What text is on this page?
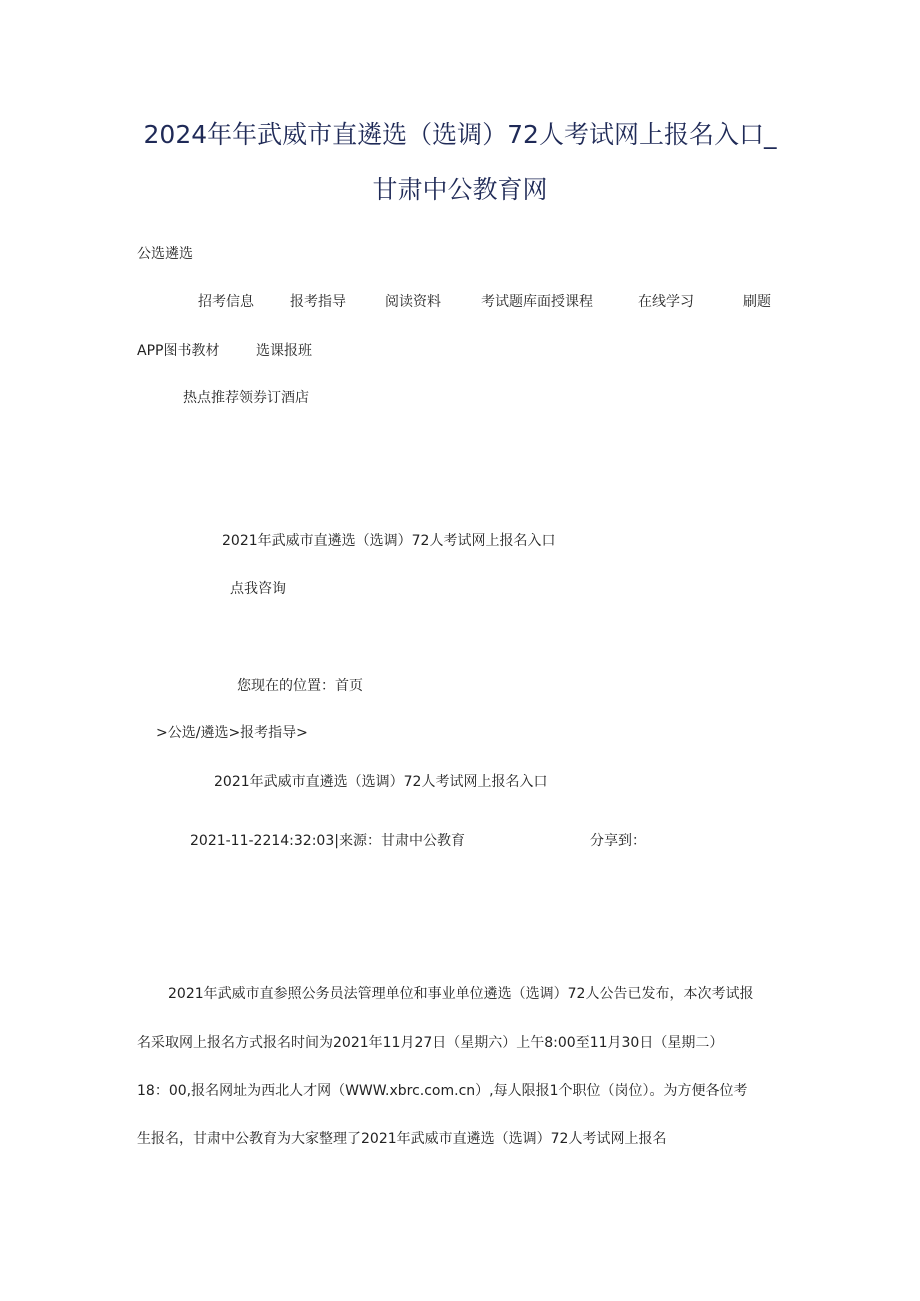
2024年年武威市直遴选（选调）72人考试网上报名入口_
甘肃中公教育网
公选遴选
招考信息	报考指导	阅读资料	考试题库面授课程	在线学习	刷题
APP图书教材	选课报班
热点推荐领券订酒店
2021年武威市直遴选（选调）72人考试网上报名入口
点我咨询
您现在的位置：首页
>公选/遴选>报考指导>
2021年武威市直遴选（选调）72人考试网上报名入口
2021-11-2214:32:03|来源：甘肃中公教育	分享到：
2021年武威市直参照公务员法管理单位和事业单位遴选（选调）72人公告已发布，本次考试报
名采取网上报名方式报名时间为2021年11月27日（星期六）上午8:00至11月30日（星期二）
18：00,报名网址为西北人才网（WWW.xbrc.com.cn）,每人限报1个职位（岗位）。为方便各位考
生报名，甘肃中公教育为大家整理了2021年武威市直遴选（选调）72人考试网上报名
